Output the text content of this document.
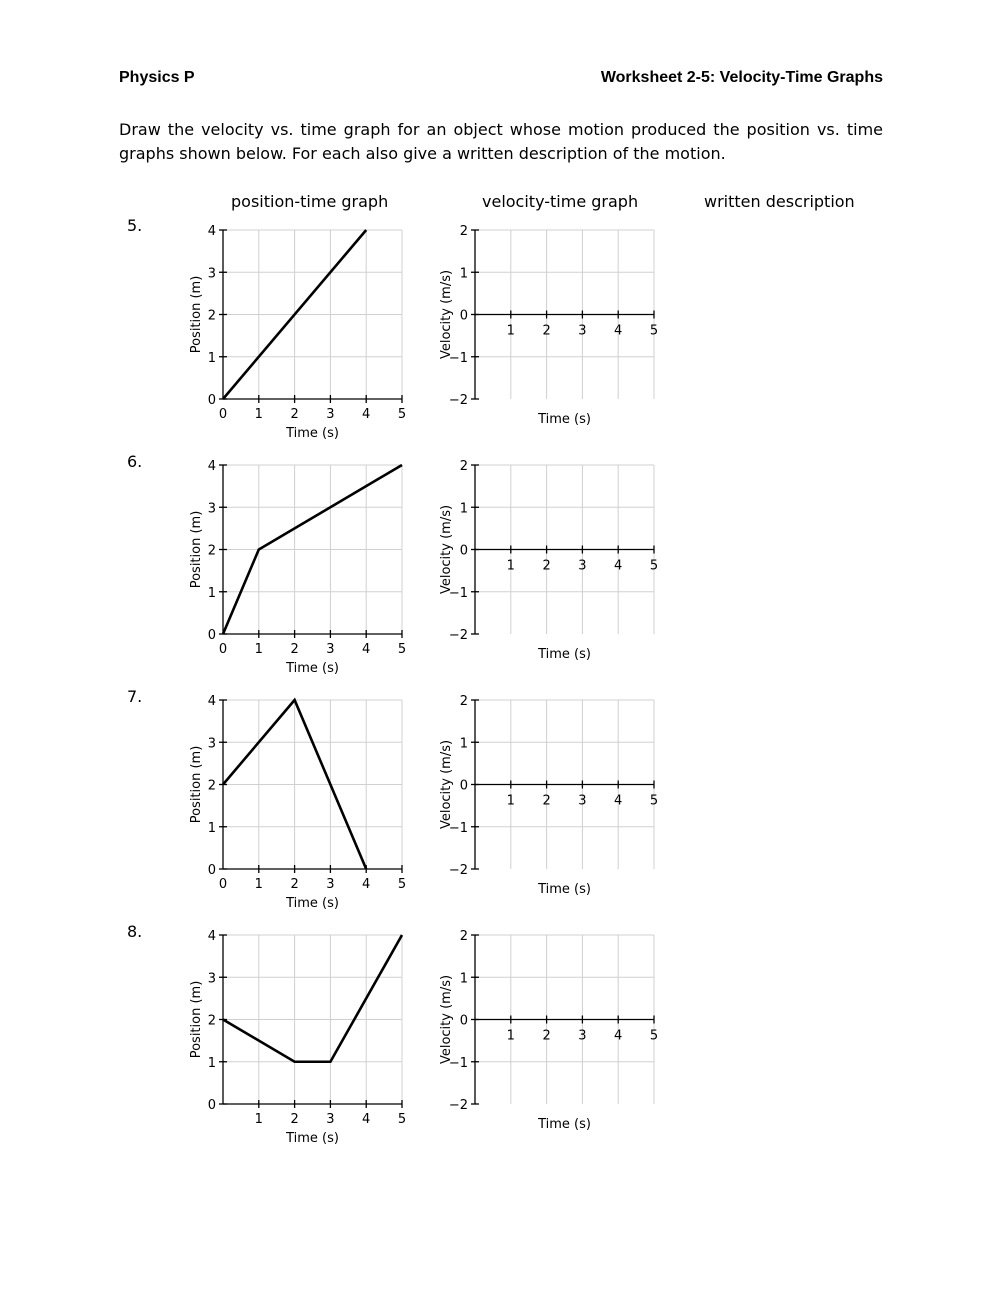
Physics P	Worksheet 2-5: Velocity-Time Graphs
Draw the velocity vs. time graph for an object whose motion produced the position vs. time graphs shown below. For each also give a written description of the motion.
position-time graph	velocity-time graph	written description
5.
6.
7.
8.
0
1
2
3
4
0 1 2 3 4 5
Time (s)
Position (m)
−2
−1
0
1
2
1 2 3 4 5
Time (s)
Velocity (m/s)
0
1
2
3
4
0 1 2 3 4 5
Time (s)
Position (m)
−2
−1
0
1
2
1 2 3 4 5
Time (s)
Velocity (m/s)
0
1
2
3
4
0 1 2 3 4 5
Time (s)
Position (m)
−2
−1
0
1
2
1 2 3 4 5
Time (s)
Velocity (m/s)
0
1
2
3
4
1 2 3 4 5
Time (s)
Position (m)
−2
−1
0
1
2
1 2 3 4 5
Time (s)
Velocity (m/s)
